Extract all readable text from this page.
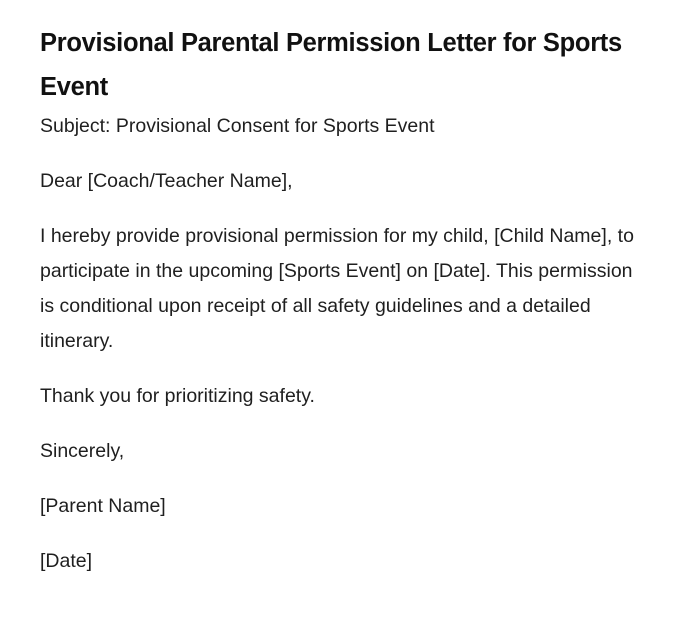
Provisional Parental Permission Letter for Sports Event

Subject: Provisional Consent for Sports Event

Dear [Coach/Teacher Name],

I hereby provide provisional permission for my child, [Child Name], to participate in the upcoming [Sports Event] on [Date]. This permission is conditional upon receipt of all safety guidelines and a detailed itinerary.

Thank you for prioritizing safety.

Sincerely,

[Parent Name]

[Date]
